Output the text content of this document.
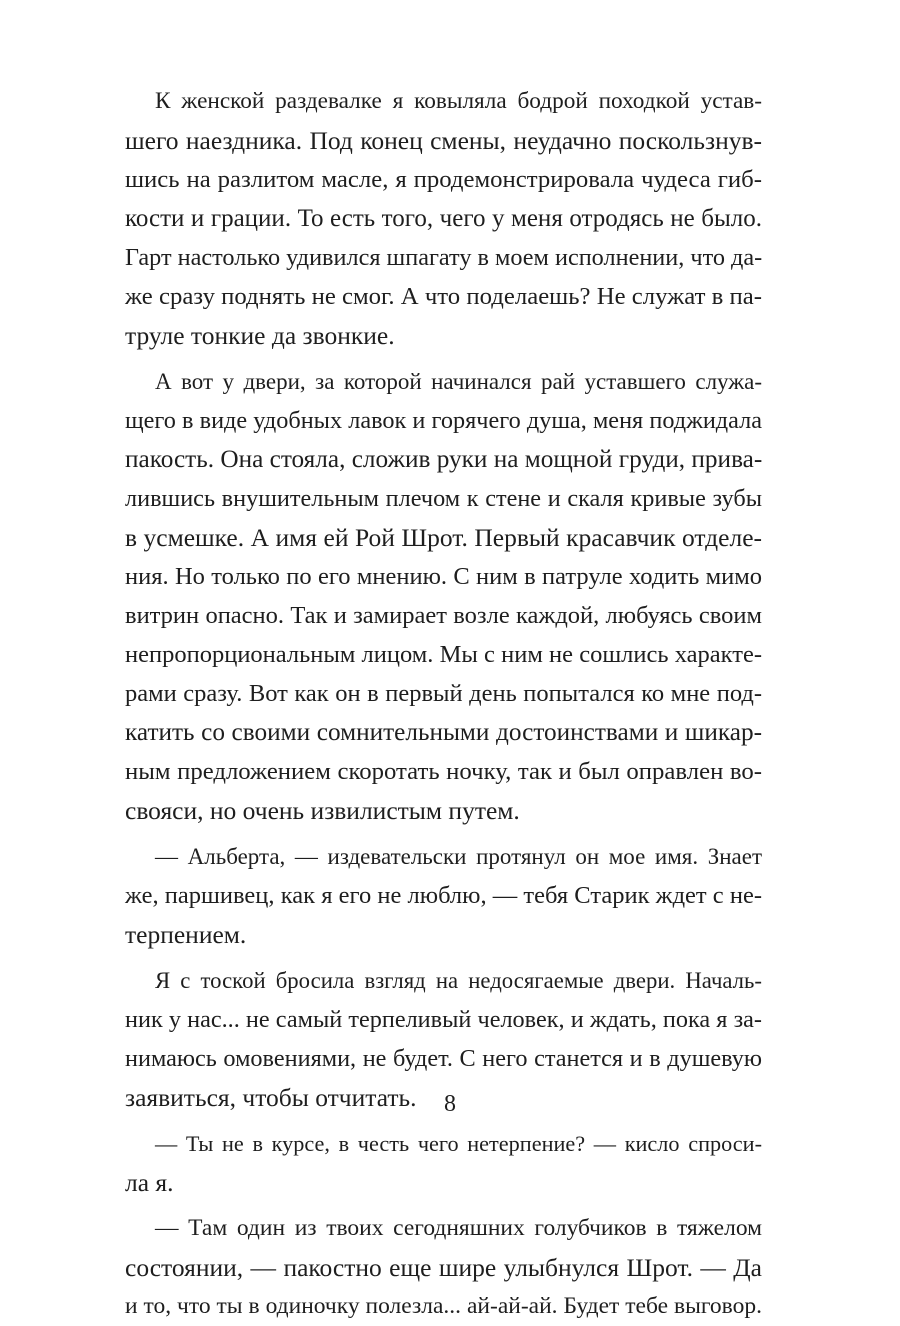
К женской раздевалке я ковыляла бодрой походкой устав-
шего наездника. Под конец смены, неудачно поскользнув-
шись на разлитом масле, я продемонстрировала чудеса гиб-
кости и грации. То есть того, чего у меня отродясь не было.
Гарт настолько удивился шпагату в моем исполнении, что да-
же сразу поднять не смог. А что поделаешь? Не служат в па-
труле тонкие да звонкие.
А вот у двери, за которой начинался рай уставшего служа-
щего в виде удобных лавок и горячего душа, меня поджидала
пакость. Она стояла, сложив руки на мощной груди, прива-
лившись внушительным плечом к стене и скаля кривые зубы
в усмешке. А имя ей Рой Шрот. Первый красавчик отделе-
ния. Но только по его мнению. С ним в патруле ходить мимо
витрин опасно. Так и замирает возле каждой, любуясь своим
непропорциональным лицом. Мы с ним не сошлись характе-
рами сразу. Вот как он в первый день попытался ко мне под-
катить со своими сомнительными достоинствами и шикар-
ным предложением скоротать ночку, так и был оправлен во-
свояси, но очень извилистым путем.
— Альберта, — издевательски протянул он мое имя. Знает
же, паршивец, как я его не люблю, — тебя Старик ждет с не-
терпением.
Я с тоской бросила взгляд на недосягаемые двери. Началь-
ник у нас... не самый терпеливый человек, и ждать, пока я за-
нимаюсь омовениями, не будет. С него станется и в душевую
заявиться, чтобы отчитать.
— Ты не в курсе, в честь чего нетерпение? — кисло спроси-
ла я.
— Там один из твоих сегодняшних голубчиков в тяжелом
состоянии, — пакостно еще шире улыбнулся Шрот. — Да
и то, что ты в одиночку полезла... ай-ай-ай. Будет тебе выговор.
8
